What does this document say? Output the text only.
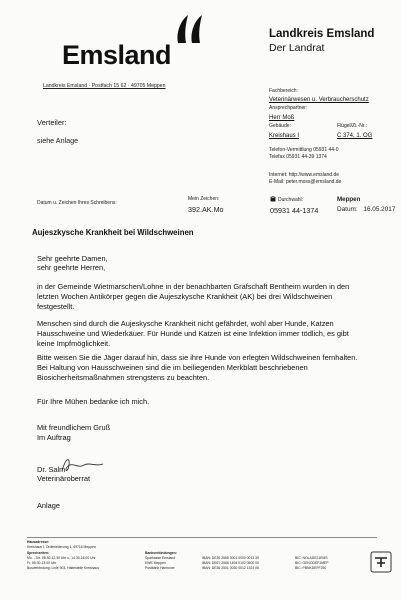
Emsland
Landkreis Emsland
Der Landrat
Landkreis Emsland · Postfach 15 62 · 49705 Meppen
Fachbereich:
Veterinärwesen u. Verbraucherschutz
Ansprechpartner:
Herr Moß
Gebäude:	Flügel/Zi.-Nr.:
Kreishaus I	C 374, 1. OG
Telefon-Vermittlung 05931 44-0
Telefax 05931 44-39 1374
Internet: http://www.emsland.de
E-Mail: peter.moss@emsland.de
Verteiler:
siehe Anlage
Datum u. Zeichen Ihres Schreibens:
Mein Zeichen:
392.AK.Mo
Durchwahl:
05931 44-1374
Meppen
Datum: 16.05.2017
Aujeszkysche Krankheit bei Wildschweinen
Sehr geehrte Damen,
sehr geehrte Herren,
in der Gemeinde Wietmarschen/Lohne in der benachbarten Grafschaft Bentheim wurden in den letzten Wochen Antikörper gegen die Aujeszkysche Krankheit (AK) bei drei Wildschweinen festgestellt.
Menschen sind durch die Aujeskysche Krankheit nicht gefährdet, wohl aber Hunde, Katzen Hausschweine und Wiederkäuer. Für Hunde und Katzen ist eine Infektion immer tödlich, es gibt keine Impfmöglichkeit.
Bitte weisen Sie die Jäger darauf hin, dass sie ihre Hunde von erlegten Wildschweinen fernhalten. Bei Haltung von Hausschweinen sind die im beiliegenden Merkblatt beschriebenen Biosicherheitsmaßnahmen strengstens zu beachten.
Für Ihre Mühen bedanke ich mich.
Mit freundlichem Gruß
Im Auftrag
Dr. Salm
Veterinäroberrat
Anlage
Hausadresse:
Kreishaus I, Ordeniederung 1, 49716 Meppen
Sprechzeiten:
Mo. - Do. 08.30-12.30 Uhr u. 14.30-16.00 Uhr
Fr. 08.30-13.00 Uhr
Busverbindung: Linie 903, Haltestelle Kreishaus
Bankverbindungen:
Sparkasse Emsland
EWE Meppen
Postbank Hannover
IBAN: DE39 2665 0001 0000 0013 39
IBAN: DE67 2666 1494 0102 0500 00
IBAN: DE36 2501 0030 0012 1323 06
BIC: NOLADE21EMS
BIC: GENODEF1MEP
BIC: PBNKDEFF250
